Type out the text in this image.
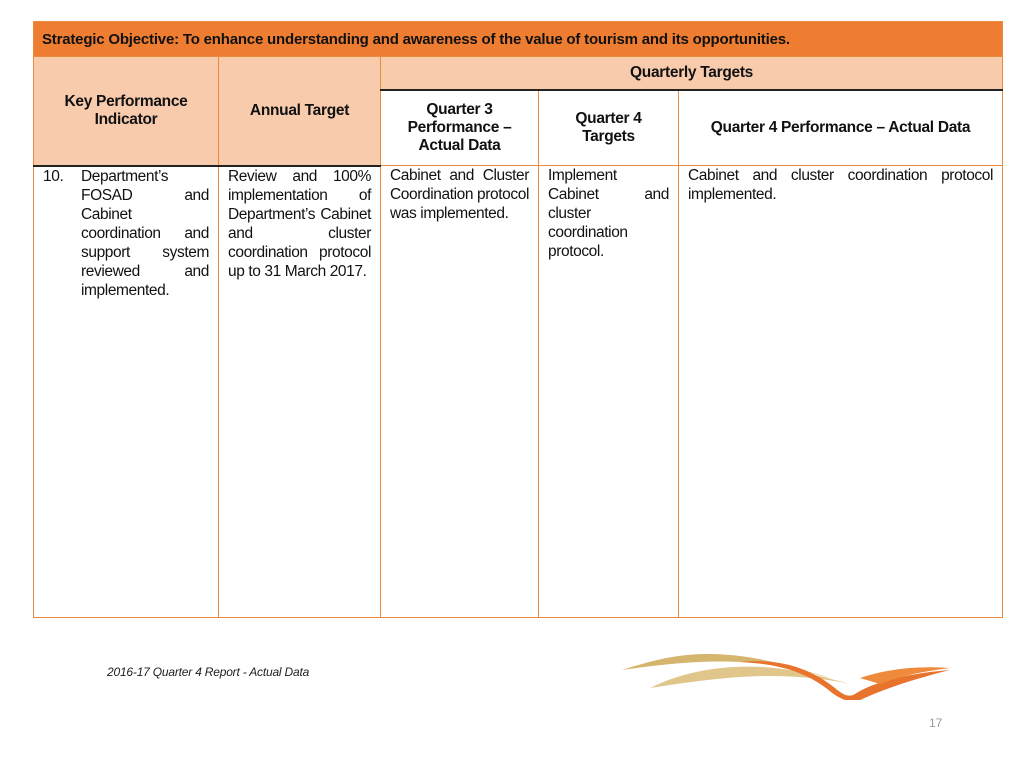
Strategic Objective: To enhance understanding and awareness of the value of tourism and its opportunities.				

Key Performance Indicator	Annual Target	Quarterly Targets		

		Quarter 3 Performance – Actual Data	Quarter 4 Targets	Quarter 4 Performance – Actual Data

10. Department’s FOSAD and Cabinet coordination and support system reviewed and implemented.	Review and 100% implementation of Department’s Cabinet and cluster coordination protocol up to 31 March 2017.	Cabinet and Cluster Coordination protocol was implemented.	Implement Cabinet and cluster coordination protocol.	Cabinet and cluster coordination protocol implemented.
2016-17 Quarter 4 Report - Actual Data
17
